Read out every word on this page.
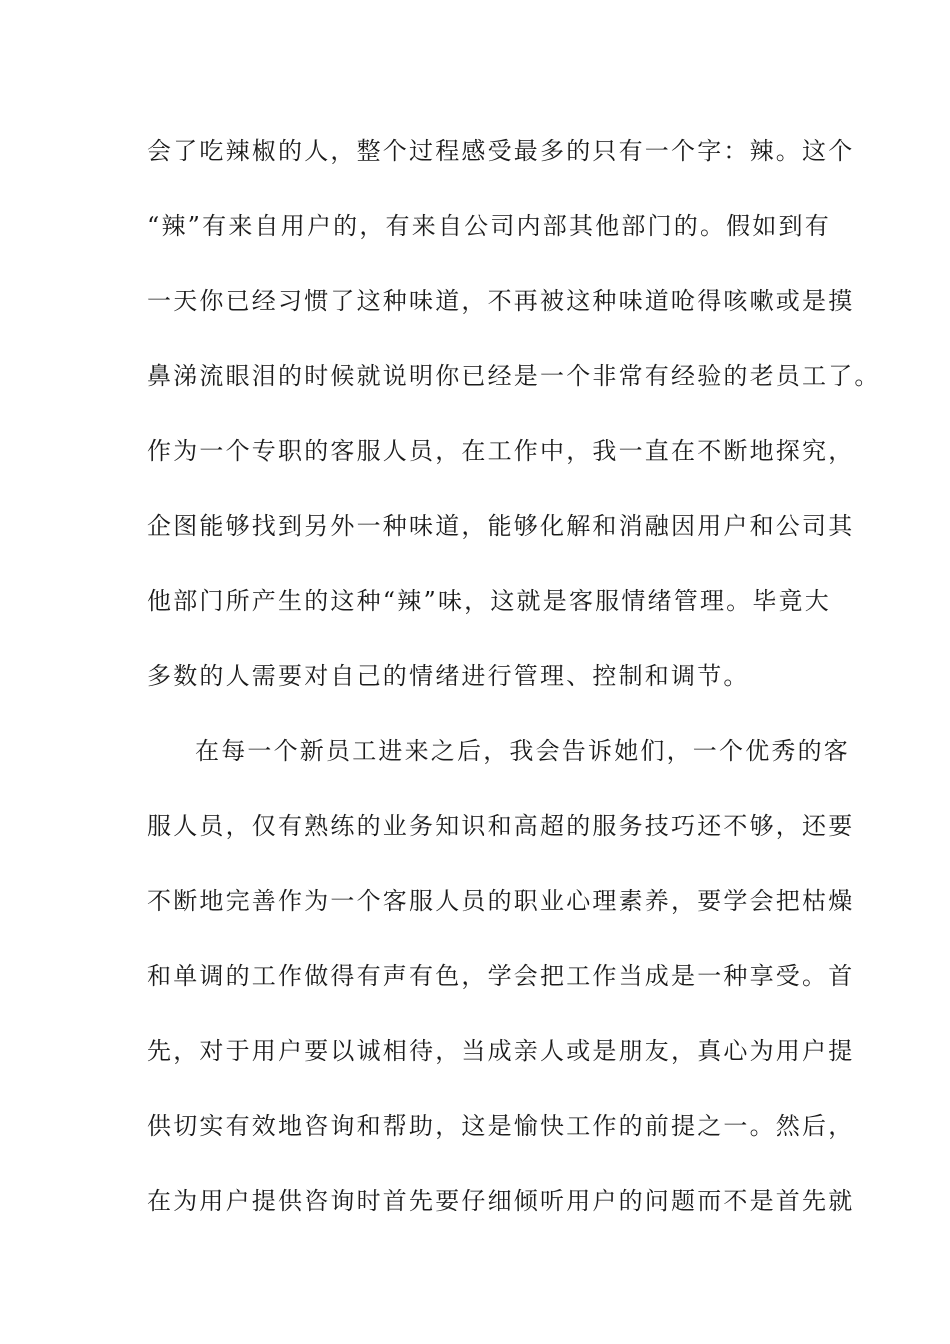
会了吃辣椒的人，整个过程感受最多的只有一个字：辣。这个
“辣”有来自用户的，有来自公司内部其他部门的。假如到有
一天你已经习惯了这种味道，不再被这种味道呛得咳嗽或是摸
鼻涕流眼泪的时候就说明你已经是一个非常有经验的老员工了。
作为一个专职的客服人员，在工作中，我一直在不断地探究，
企图能够找到另外一种味道，能够化解和消融因用户和公司其
他部门所产生的这种“辣”味，这就是客服情绪管理。毕竟大
多数的人需要对自己的情绪进行管理、控制和调节。
在每一个新员工进来之后，我会告诉她们，一个优秀的客
服人员，仅有熟练的业务知识和高超的服务技巧还不够，还要
不断地完善作为一个客服人员的职业心理素养，要学会把枯燥
和单调的工作做得有声有色，学会把工作当成是一种享受。首
先，对于用户要以诚相待，当成亲人或是朋友，真心为用户提
供切实有效地咨询和帮助，这是愉快工作的前提之一。然后，
在为用户提供咨询时首先要仔细倾听用户的问题而不是首先就
